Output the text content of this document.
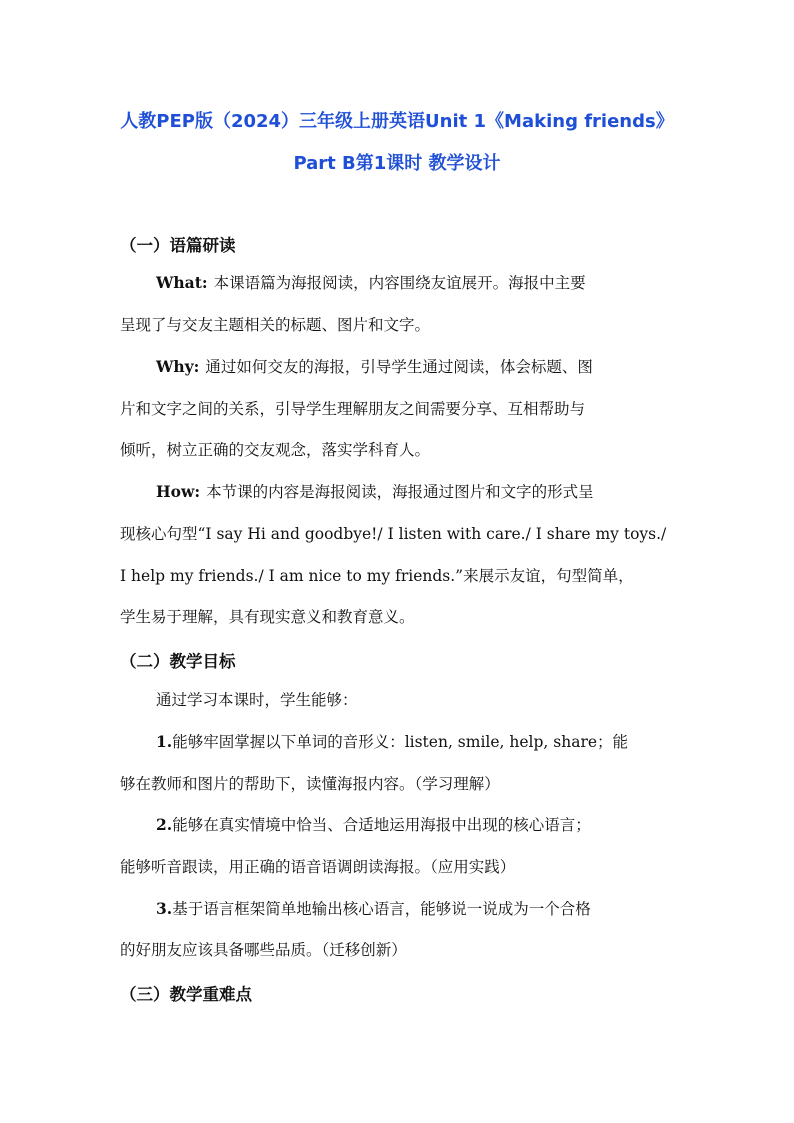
人教PEP版（2024）三年级上册英语Unit 1《Making friends》
Part B第1课时 教学设计
（一）语篇研读
What: 本课语篇为海报阅读，内容围绕友谊展开。海报中主要
呈现了与交友主题相关的标题、图片和文字。
Why: 通过如何交友的海报，引导学生通过阅读，体会标题、图
片和文字之间的关系，引导学生理解朋友之间需要分享、互相帮助与
倾听，树立正确的交友观念，落实学科育人。
How: 本节课的内容是海报阅读，海报通过图片和文字的形式呈
现核心句型“I say Hi and goodbye!/ I listen with care./ I share my toys./
I help my friends./ I am nice to my friends.”来展示友谊，句型简单，
学生易于理解，具有现实意义和教育意义。
（二）教学目标
通过学习本课时，学生能够：
1.能够牢固掌握以下单词的音形义：listen, smile, help, share；能
够在教师和图片的帮助下，读懂海报内容。（学习理解）
2.能够在真实情境中恰当、合适地运用海报中出现的核心语言；
能够听音跟读，用正确的语音语调朗读海报。（应用实践）
3.基于语言框架简单地输出核心语言，能够说一说成为一个合格
的好朋友应该具备哪些品质。（迁移创新）
（三）教学重难点
